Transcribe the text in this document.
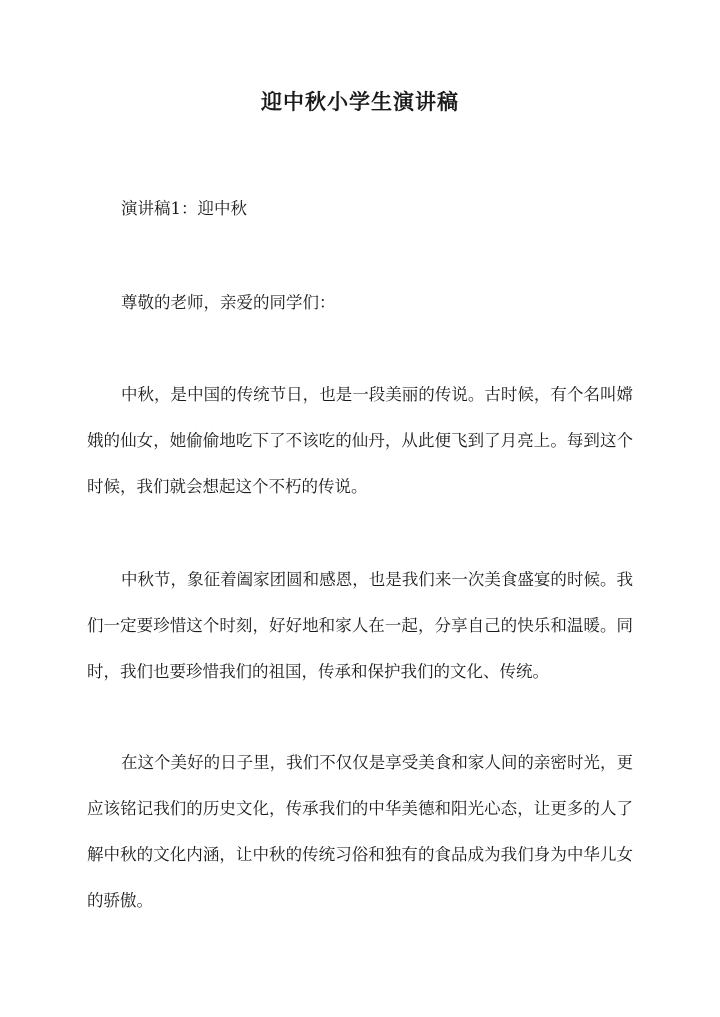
迎中秋小学生演讲稿

演讲稿1：迎中秋

尊敬的老师，亲爱的同学们：

中秋，是中国的传统节日，也是一段美丽的传说。古时候，有个名叫嫦娥的仙女，她偷偷地吃下了不该吃的仙丹，从此便飞到了月亮上。每到这个时候，我们就会想起这个不朽的传说。

中秋节，象征着阖家团圆和感恩，也是我们来一次美食盛宴的时候。我们一定要珍惜这个时刻，好好地和家人在一起，分享自己的快乐和温暖。同时，我们也要珍惜我们的祖国，传承和保护我们的文化、传统。

在这个美好的日子里，我们不仅仅是享受美食和家人间的亲密时光，更应该铭记我们的历史文化，传承我们的中华美德和阳光心态，让更多的人了解中秋的文化内涵，让中秋的传统习俗和独有的食品成为我们身为中华儿女的骄傲。
